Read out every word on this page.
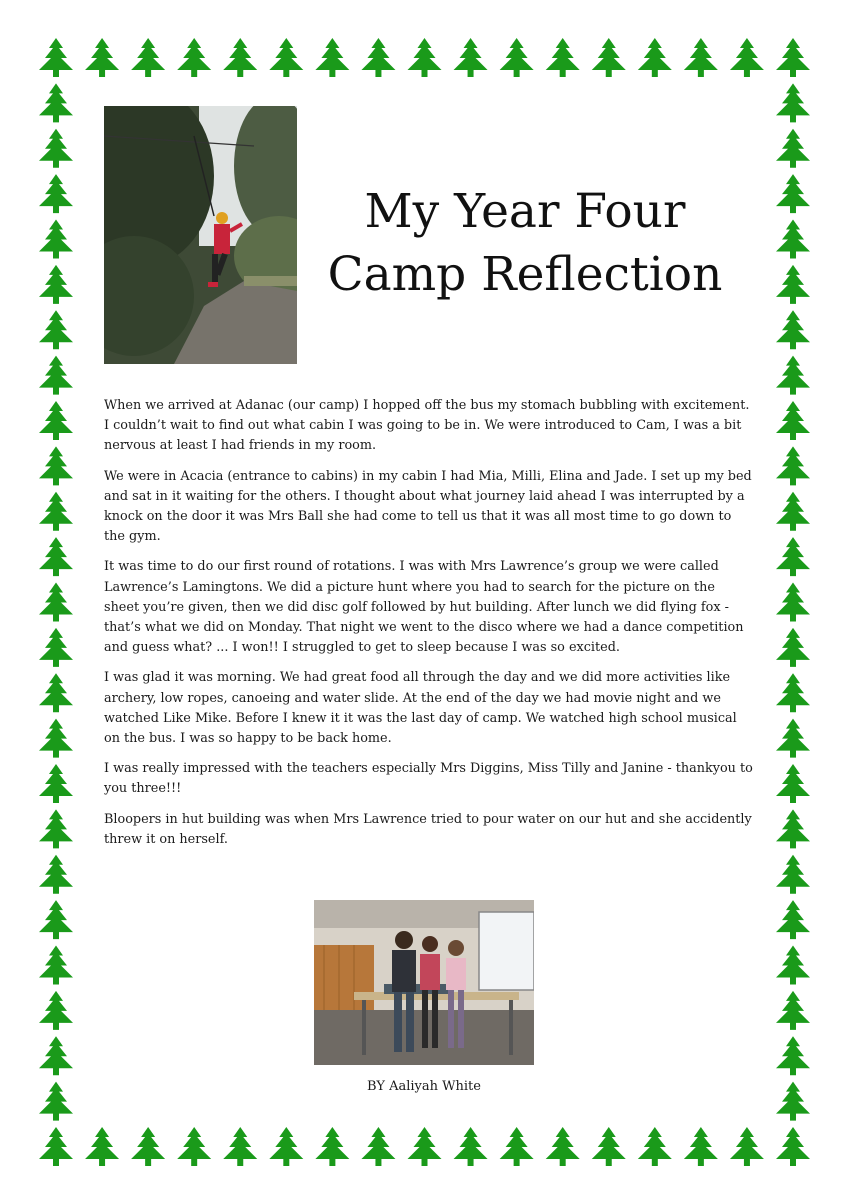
My Year Four
Camp Reflection

When we arrived at Adanac (our camp) I hopped off the bus my stomach bubbling with excitement. I couldn’t wait to find out what cabin I was going to be in. We were introduced to Cam, I was a bit nervous at least I had friends in my room.

We were in Acacia (entrance to cabins) in my cabin I had Mia, Milli, Elina and Jade. I set up my bed and sat in it waiting for the others. I thought about what journey laid ahead I was interrupted by a knock on the door it was Mrs Ball she had come to tell us that it was all most time to go down to the gym.

It was time to do our first round of rotations. I was with Mrs Lawrence’s group we were called Lawrence’s Lamingtons. We did a picture hunt where you had to search for the picture on the sheet you’re given, then we did disc golf followed by hut building. After lunch we did flying fox - that’s what we did on Monday. That night we went to the disco where we had a dance competition and guess what? ... I won!! I struggled to get to sleep because I was so excited.

I was glad it was morning. We had great food all through the day and we did more activities like archery, low ropes, canoeing and water slide. At the end of the day we had movie night and we watched Like Mike. Before I knew it it was the last day of camp. We watched high school musical on the bus. I was so happy to be back home.

I was really impressed with the teachers especially Mrs Diggins, Miss Tilly and Janine - thankyou to you three!!!

Bloopers in hut building was when Mrs Lawrence tried to pour water on our hut and she accidently threw it on herself.

BY Aaliyah White
